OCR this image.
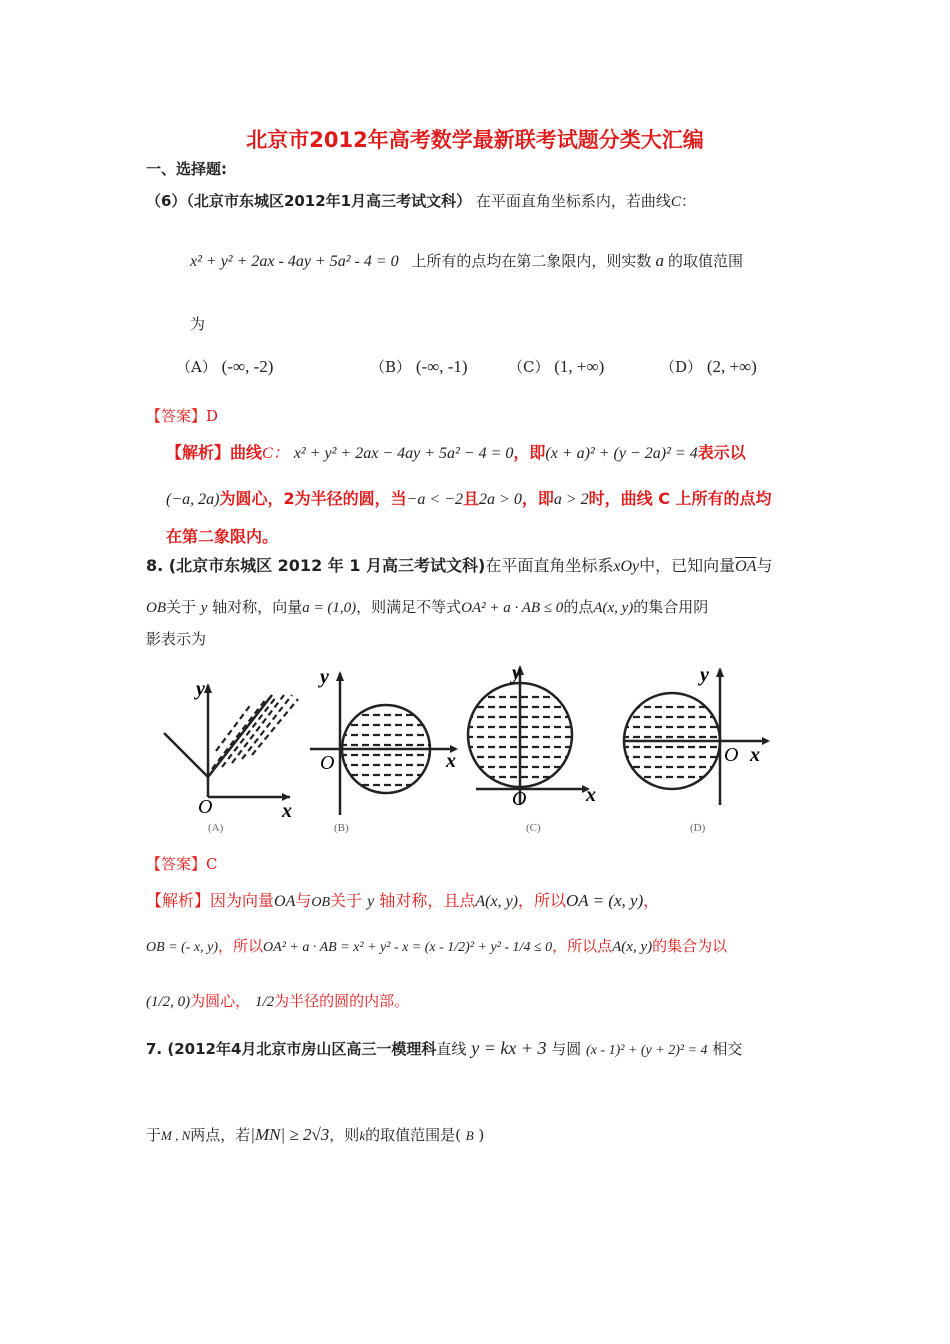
北京市2012年高考数学最新联考试题分类大汇编
一、选择题:
（6）（北京市东城区2012年1月高三考试文科） 在平面直角坐标系内，若曲线C：
x² + y² + 2ax - 4ay + 5a² - 4 = 0 上所有的点均在第二象限内，则实数 a 的取值范围
为
（A） (-∞, -2)	（B） (-∞, -1)	（C） (1, +∞)	（D） (2, +∞)
【答案】D
【解析】曲线C： x² + y² + 2ax − 4ay + 5a² − 4 = 0，即(x + a)² + (y − 2a)² = 4表示以
(−a, 2a)为圆心，2为半径的圆，当−a < −2且2a > 0，即a > 2时，曲线 C 上所有的点均
在第二象限内。
8. (北京市东城区 2012 年 1 月高三考试文科)在平面直角坐标系xOy中，已知向量$\overline{OA}$与
OB关于 y 轴对称，向量a = (1,0)，则满足不等式OA² + a · AB ≤ 0的点A(x, y)的集合用阴
影表示为
y
x
O
(A)
y
x
O
(B)
y
x
O
(C)
y
x
O
(D)
【答案】C
【解析】因为向量OA与OB关于 y 轴对称，且点A(x, y)，所以OA = (x, y)，
OB = (- x, y)，所以OA² + a · AB = x² + y² - x = (x - 1/2)² + y² - 1/4 ≤ 0，所以点A(x, y)的集合为以
(1/2, 0)为圆心， 1/2为半径的圆的内部。
7. (2012年4月北京市房山区高三一模理科直线 y = kx + 3 与圆 (x - 1)² + (y + 2)² = 4 相交
于M , N两点，若|MN| ≥ 2√3，则k的取值范围是( B )
